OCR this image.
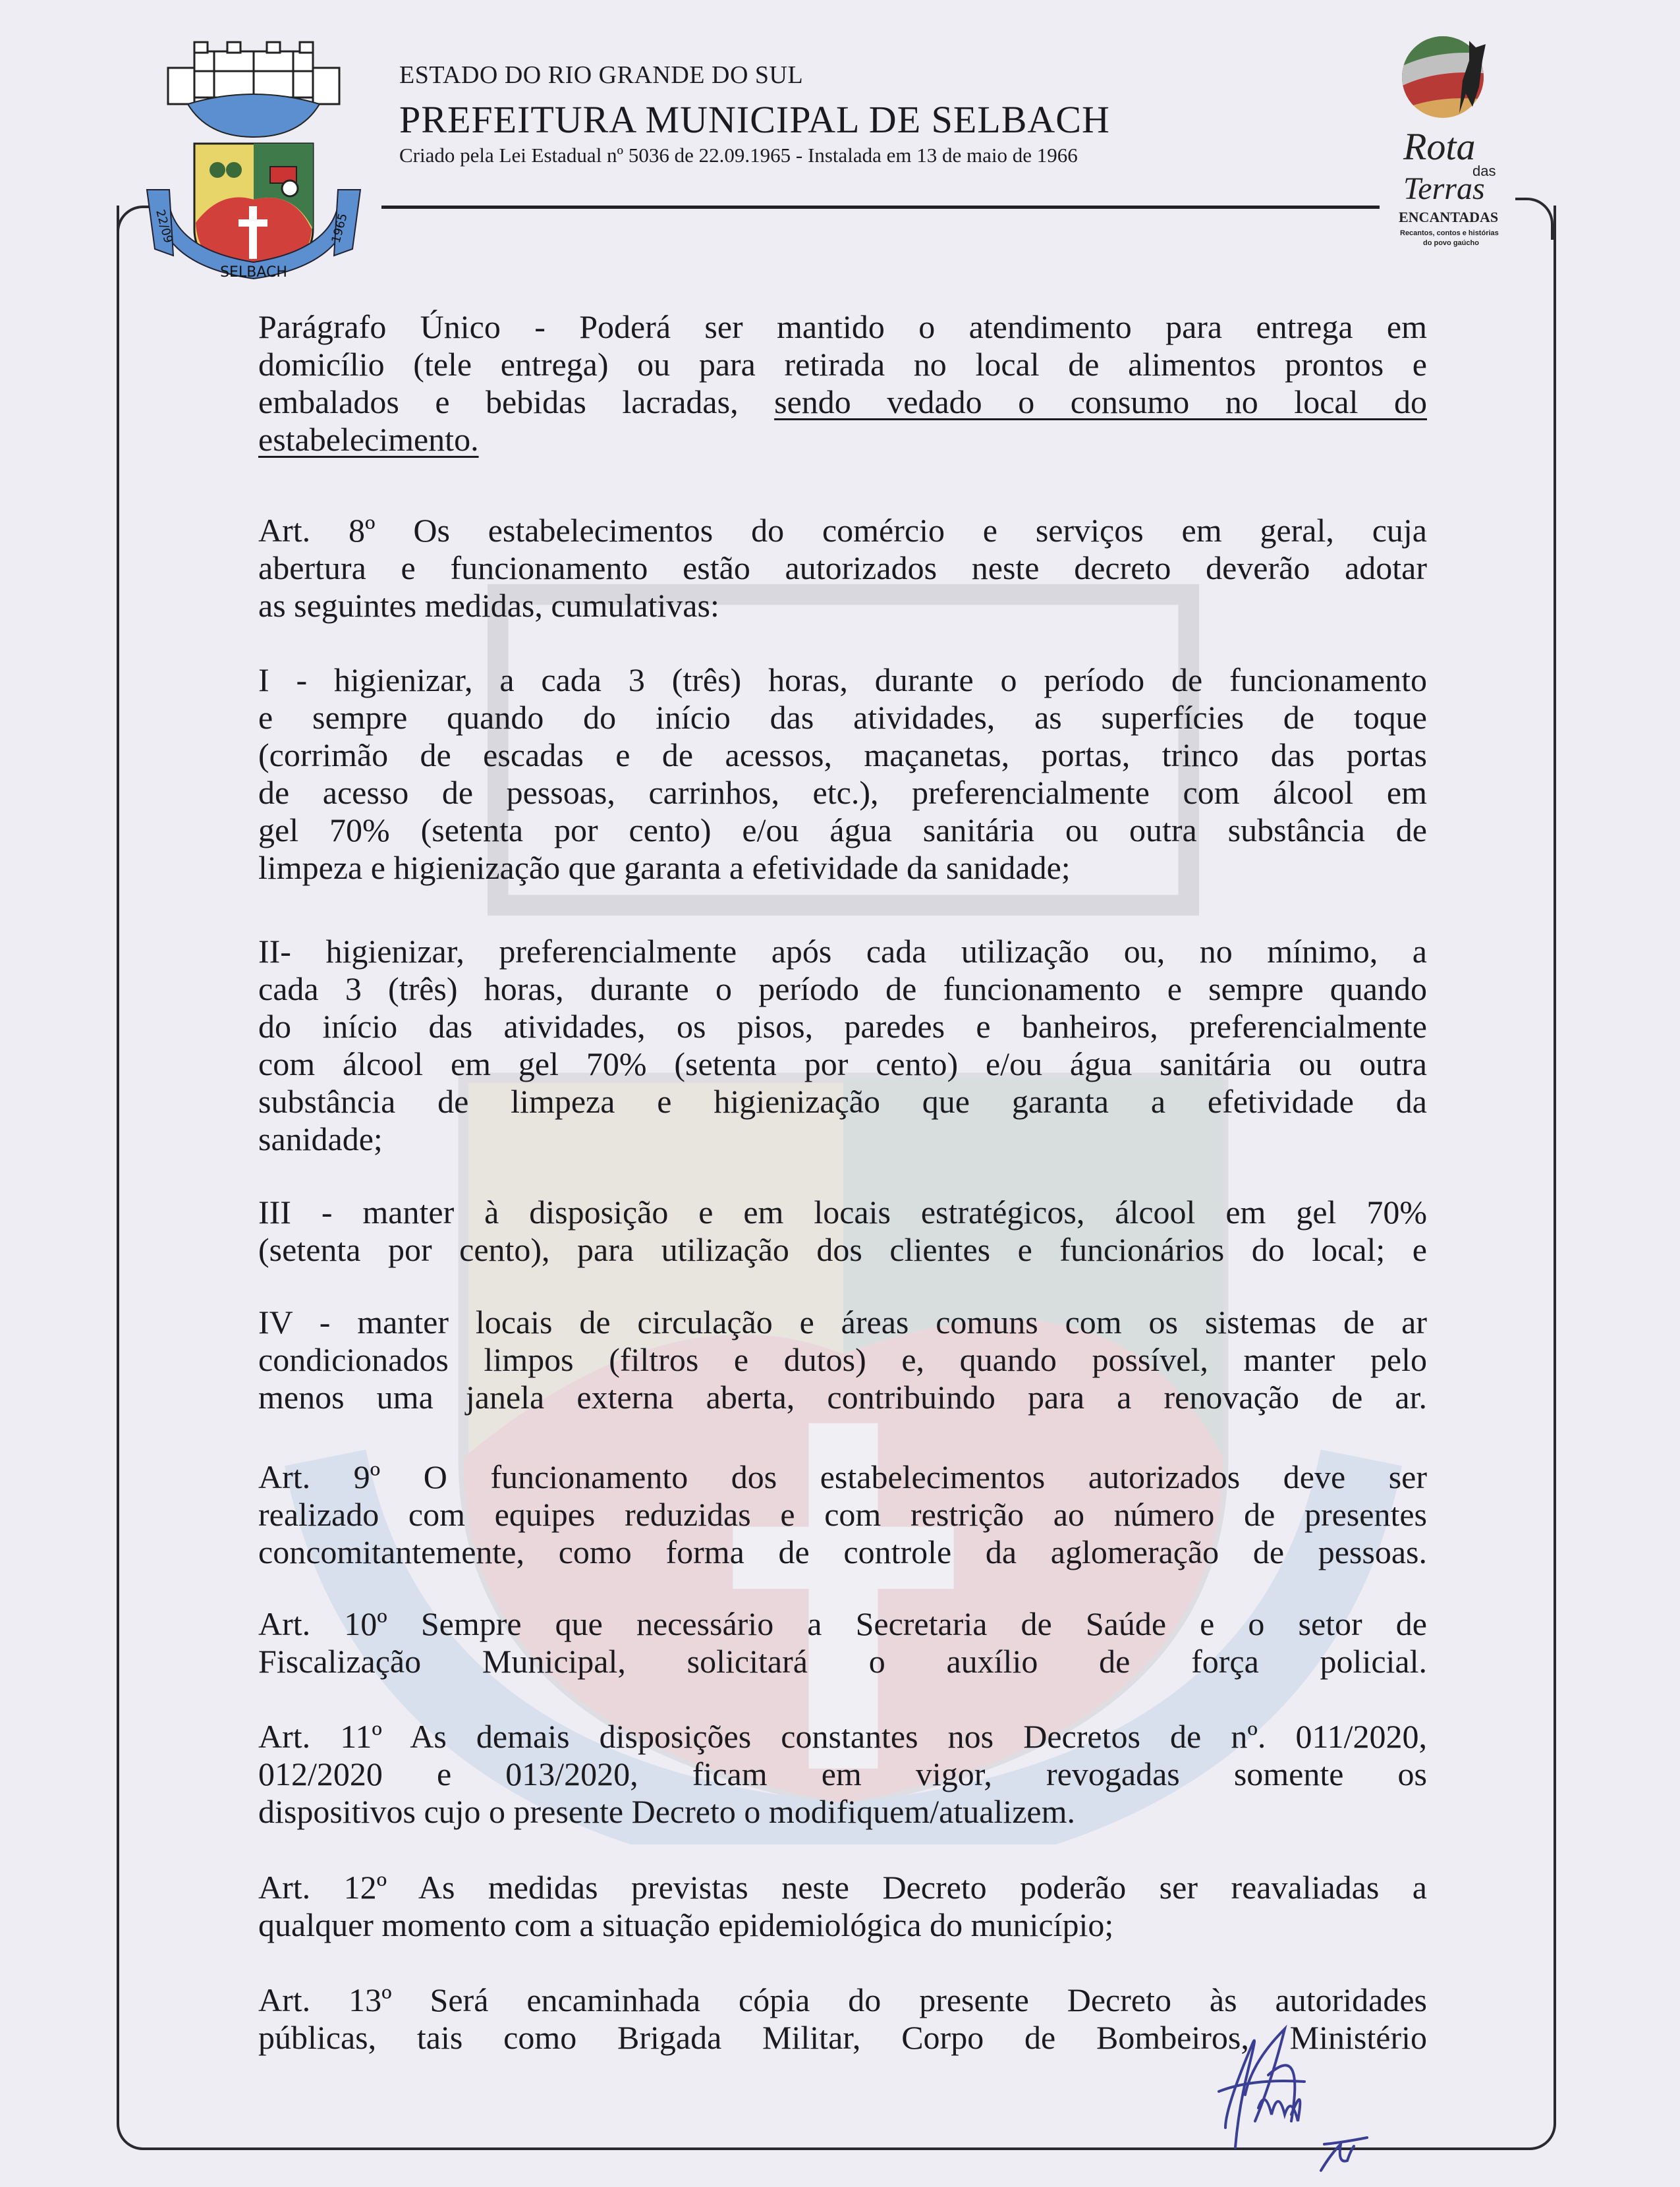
22/09	1965
SELBACH
ESTADO DO RIO GRANDE DO SUL
PREFEITURA MUNICIPAL DE SELBACH
Criado pela Lei Estadual nº 5036 de 22.09.1965 - Instalada em 13 de maio de 1966	Rota
das
Terras
ENCANTADAS
Recantos, contos e histórias
do povo gaúcho
Parágrafo Único - Poderá ser mantido o atendimento para entrega em
domicílio (tele entrega) ou para retirada no local de alimentos prontos e
embalados e bebidas lacradas, sendo vedado o consumo no local do
estabelecimento.
Art. 8º Os estabelecimentos do comércio e serviços em geral, cuja
abertura e funcionamento estão autorizados neste decreto deverão adotar
as seguintes medidas, cumulativas:
I - higienizar, a cada 3 (três) horas, durante o período de funcionamento
e sempre quando do início das atividades, as superfícies de toque
(corrimão de escadas e de acessos, maçanetas, portas, trinco das portas
de acesso de pessoas, carrinhos, etc.), preferencialmente com álcool em
gel 70% (setenta por cento) e/ou água sanitária ou outra substância de
limpeza e higienização que garanta a efetividade da sanidade;
II- higienizar, preferencialmente após cada utilização ou, no mínimo, a
cada 3 (três) horas, durante o período de funcionamento e sempre quando
do início das atividades, os pisos, paredes e banheiros, preferencialmente
com álcool em gel 70% (setenta por cento) e/ou água sanitária ou outra
substância de limpeza e higienização que garanta a efetividade da
sanidade;
III - manter à disposição e em locais estratégicos, álcool em gel 70%
(setenta por cento), para utilização dos clientes e funcionários do local; e
IV - manter locais de circulação e áreas comuns com os sistemas de ar
condicionados limpos (filtros e dutos) e, quando possível, manter pelo
menos uma janela externa aberta, contribuindo para a renovação de ar.
Art. 9º O funcionamento dos estabelecimentos autorizados deve ser
realizado com equipes reduzidas e com restrição ao número de presentes
concomitantemente, como forma de controle da aglomeração de pessoas.
Art. 10º Sempre que necessário a Secretaria de Saúde e o setor de
Fiscalização Municipal, solicitará o auxílio de força policial.
Art. 11º As demais disposições constantes nos Decretos de nº. 011/2020,
012/2020 e 013/2020, ficam em vigor, revogadas somente os
dispositivos cujo o presente Decreto o modifiquem/atualizem.
Art. 12º As medidas previstas neste Decreto poderão ser reavaliadas a
qualquer momento com a situação epidemiológica do município;
Art. 13º Será encaminhada cópia do presente Decreto às autoridades
públicas, tais como Brigada Militar, Corpo de Bombeiros, Ministério
